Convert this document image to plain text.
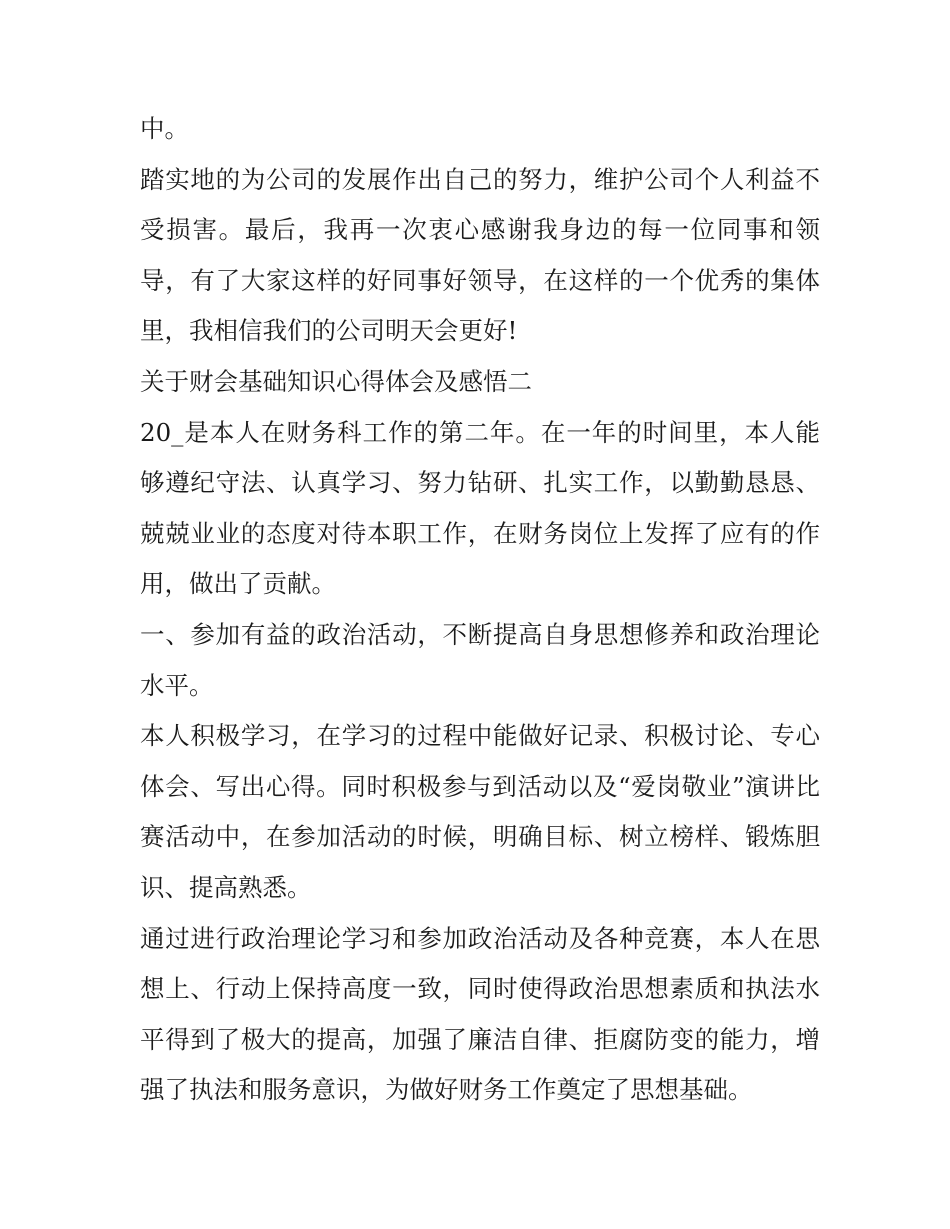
中。

踏实地的为公司的发展作出自己的努力，维护公司个人利益不受损害。最后，我再一次衷心感谢我身边的每一位同事和领导，有了大家这样的好同事好领导，在这样的一个优秀的集体里，我相信我们的公司明天会更好!

关于财会基础知识心得体会及感悟二

20_是本人在财务科工作的第二年。在一年的时间里，本人能够遵纪守法、认真学习、努力钻研、扎实工作，以勤勤恳恳、兢兢业业的态度对待本职工作，在财务岗位上发挥了应有的作用，做出了贡献。

一、参加有益的政治活动，不断提高自身思想修养和政治理论水平。

本人积极学习，在学习的过程中能做好记录、积极讨论、专心体会、写出心得。同时积极参与到活动以及“爱岗敬业”演讲比赛活动中，在参加活动的时候，明确目标、树立榜样、锻炼胆识、提高熟悉。

通过进行政治理论学习和参加政治活动及各种竞赛，本人在思想上、行动上保持高度一致，同时使得政治思想素质和执法水平得到了极大的提高，加强了廉洁自律、拒腐防变的能力，增强了执法和服务意识，为做好财务工作奠定了思想基础。
